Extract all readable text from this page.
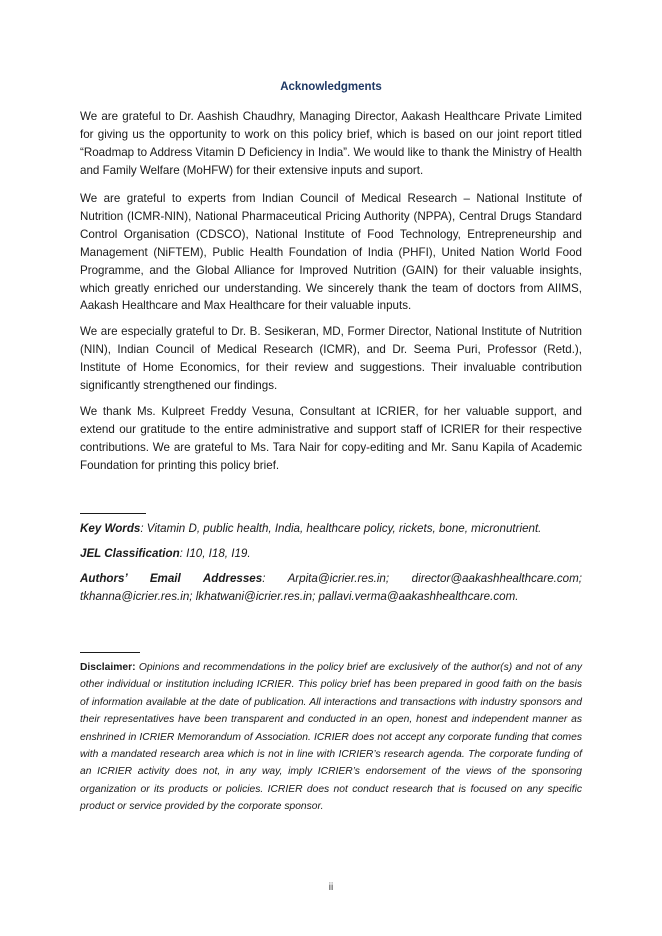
Acknowledgments

We are grateful to Dr. Aashish Chaudhry, Managing Director, Aakash Healthcare Private Limited for giving us the opportunity to work on this policy brief, which is based on our joint report titled “Roadmap to Address Vitamin D Deficiency in India”. We would like to thank the Ministry of Health and Family Welfare (MoHFW) for their extensive inputs and suport.

We are grateful to experts from Indian Council of Medical Research – National Institute of Nutrition (ICMR-NIN), National Pharmaceutical Pricing Authority (NPPA), Central Drugs Standard Control Organisation (CDSCO), National Institute of Food Technology, Entrepreneurship and Management (NiFTEM), Public Health Foundation of India (PHFI), United Nation World Food Programme, and the Global Alliance for Improved Nutrition (GAIN) for their valuable insights, which greatly enriched our understanding. We sincerely thank the team of doctors from AIIMS, Aakash Healthcare and Max Healthcare for their valuable inputs.

We are especially grateful to Dr. B. Sesikeran, MD, Former Director, National Institute of Nutrition (NIN), Indian Council of Medical Research (ICMR), and Dr. Seema Puri, Professor (Retd.), Institute of Home Economics, for their review and suggestions. Their invaluable contribution significantly strengthened our findings.

We thank Ms. Kulpreet Freddy Vesuna, Consultant at ICRIER, for her valuable support, and extend our gratitude to the entire administrative and support staff of ICRIER for their respective contributions. We are grateful to Ms. Tara Nair for copy-editing and Mr. Sanu Kapila of Academic Foundation for printing this policy brief.

Key Words: Vitamin D, public health, India, healthcare policy, rickets, bone, micronutrient.

JEL Classification: I10, I18, I19.

Authors’ Email Addresses: Arpita@icrier.res.in; director@aakashhealthcare.com; tkhanna@icrier.res.in; lkhatwani@icrier.res.in; pallavi.verma@aakashhealthcare.com.

Disclaimer: Opinions and recommendations in the policy brief are exclusively of the author(s) and not of any other individual or institution including ICRIER. This policy brief has been prepared in good faith on the basis of information available at the date of publication. All interactions and transactions with industry sponsors and their representatives have been transparent and conducted in an open, honest and independent manner as enshrined in ICRIER Memorandum of Association. ICRIER does not accept any corporate funding that comes with a mandated research area which is not in line with ICRIER’s research agenda. The corporate funding of an ICRIER activity does not, in any way, imply ICRIER’s endorsement of the views of the sponsoring organization or its products or policies. ICRIER does not conduct research that is focused on any specific product or service provided by the corporate sponsor.

ii
